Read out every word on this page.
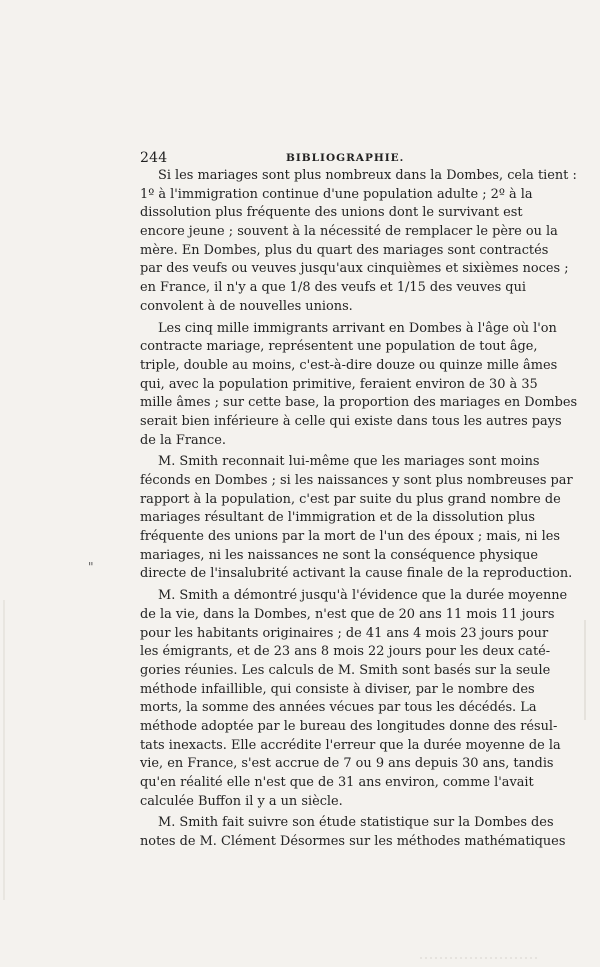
244	BIBLIOGRAPHIE.
Si les mariages sont plus nombreux dans la Dombes, cela tient :
1º à l'immigration continue d'une population adulte ; 2º à la
dissolution plus fréquente des unions dont le survivant est
encore jeune ; souvent à la nécessité de remplacer le père ou la
mère. En Dombes, plus du quart des mariages sont contractés
par des veufs ou veuves jusqu'aux cinquièmes et sixièmes noces ;
en France, il n'y a que 1/8 des veufs et 1/15 des veuves qui
convolent à de nouvelles unions.
Les cinq mille immigrants arrivant en Dombes à l'âge où l'on
contracte mariage, représentent une population de tout âge,
triple, double au moins, c'est-à-dire douze ou quinze mille âmes
qui, avec la population primitive, feraient environ de 30 à 35
mille âmes ; sur cette base, la proportion des mariages en Dombes
serait bien inférieure à celle qui existe dans tous les autres pays
de la France.
M. Smith reconnait lui-même que les mariages sont moins
féconds en Dombes ; si les naissances y sont plus nombreuses par
rapport à la population, c'est par suite du plus grand nombre de
mariages résultant de l'immigration et de la dissolution plus
fréquente des unions par la mort de l'un des époux ; mais, ni les
mariages, ni les naissances ne sont la conséquence physique
directe de l'insalubrité activant la cause finale de la reproduction.
M. Smith a démontré jusqu'à l'évidence que la durée moyenne
de la vie, dans la Dombes, n'est que de 20 ans 11 mois 11 jours
pour les habitants originaires ; de 41 ans 4 mois 23 jours pour
les émigrants, et de 23 ans 8 mois 22 jours pour les deux caté-
gories réunies. Les calculs de M. Smith sont basés sur la seule
méthode infaillible, qui consiste à diviser, par le nombre des
morts, la somme des années vécues par tous les décédés. La
méthode adoptée par le bureau des longitudes donne des résul-
tats inexacts. Elle accrédite l'erreur que la durée moyenne de la
vie, en France, s'est accrue de 7 ou 9 ans depuis 30 ans, tandis
qu'en réalité elle n'est que de 31 ans environ, comme l'avait
calculée Buffon il y a un siècle.
M. Smith fait suivre son étude statistique sur la Dombes des
notes de M. Clément Désormes sur les méthodes mathématiques
"
